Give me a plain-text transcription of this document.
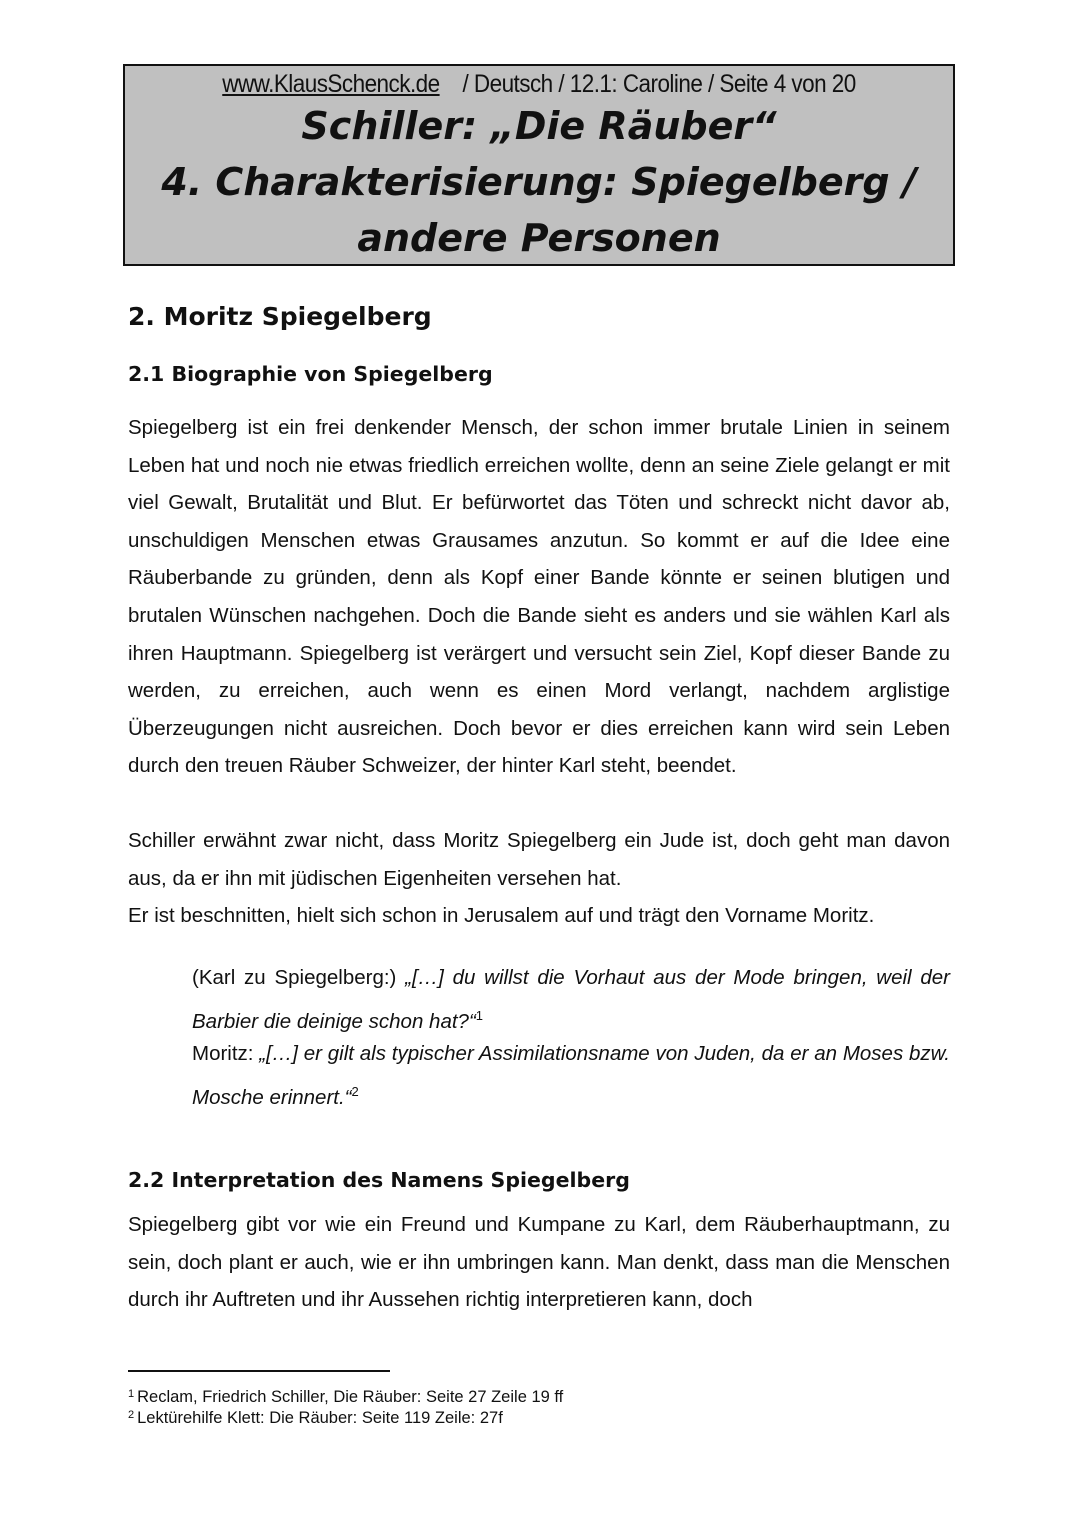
www.KlausSchenck.de / Deutsch / 12.1: Caroline / Seite 4 von 20
Schiller: „Die Räuber“
4. Charakterisierung: Spiegelberg /
andere Personen
2. Moritz Spiegelberg
2.1 Biographie von Spiegelberg

Spiegelberg ist ein frei denkender Mensch, der schon immer brutale Linien in seinem Leben hat und noch nie etwas friedlich erreichen wollte, denn an seine Ziele gelangt er mit viel Gewalt, Brutalität und Blut. Er befürwortet das Töten und schreckt nicht davor ab, unschuldigen Menschen etwas Grausames anzutun. So kommt er auf die Idee eine Räuberbande zu gründen, denn als Kopf einer Bande könnte er seinen blutigen und brutalen Wünschen nachgehen. Doch die Bande sieht es anders und sie wählen Karl als ihren Hauptmann. Spiegelberg ist verärgert und versucht sein Ziel, Kopf dieser Bande zu werden, zu erreichen, auch wenn es einen Mord verlangt, nachdem arglistige Überzeugungen nicht ausreichen. Doch bevor er dies erreichen kann wird sein Leben durch den treuen Räuber Schweizer, der hinter Karl steht, beendet.

Schiller erwähnt zwar nicht, dass Moritz Spiegelberg ein Jude ist, doch geht man davon aus, da er ihn mit jüdischen Eigenheiten versehen hat.

Er ist beschnitten, hielt sich schon in Jerusalem auf und trägt den Vorname Moritz.

(Karl zu Spiegelberg:) „[…] du willst die Vorhaut aus der Mode bringen, weil der Barbier die deinige schon hat?“$^1$

Moritz: „[…] er gilt als typischer Assimilationsname von Juden, da er an Moses bzw. Mosche erinnert.“$^2$

2.2 Interpretation des Namens Spiegelberg

Spiegelberg gibt vor wie ein Freund und Kumpane zu Karl, dem Räuberhauptmann, zu sein, doch plant er auch, wie er ihn umbringen kann. Man denkt, dass man die Menschen durch ihr Auftreten und ihr Aussehen richtig interpretieren kann, doch

$^1$ Reclam, Friedrich Schiller, Die Räuber: Seite 27 Zeile 19 ff

$^2$ Lektürehilfe Klett: Die Räuber: Seite 119 Zeile: 27f
